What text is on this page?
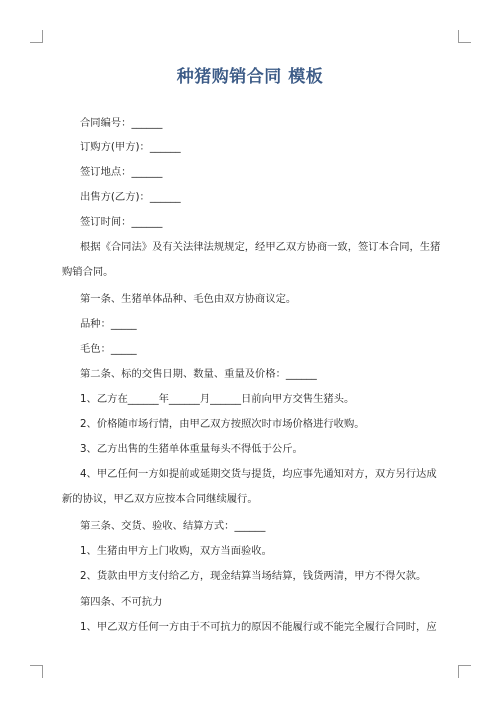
种猪购销合同 模板
合同编号：______
订购方(甲方)：______
签订地点：______
出售方(乙方)：______
签订时间：______
根据《合同法》及有关法律法规规定，经甲乙双方协商一致，签订本合同，生猪
购销合同。
第一条、生猪单体品种、毛色由双方协商议定。
品种：_____
毛色：_____
第二条、标的交售日期、数量、重量及价格：______
1、乙方在______年______月______日前向甲方交售生猪头。
2、价格随市场行情，由甲乙双方按照次时市场价格进行收购。
3、乙方出售的生猪单体重量每头不得低于公斤。
4、甲乙任何一方如提前或延期交货与提货，均应事先通知对方，双方另行达成
新的协议，甲乙双方应按本合同继续履行。
第三条、交货、验收、结算方式：______
1、生猪由甲方上门收购，双方当面验收。
2、货款由甲方支付给乙方，现金结算当场结算，钱货两清，甲方不得欠款。
第四条、不可抗力
1、甲乙双方任何一方由于不可抗力的原因不能履行或不能完全履行合同时，应
